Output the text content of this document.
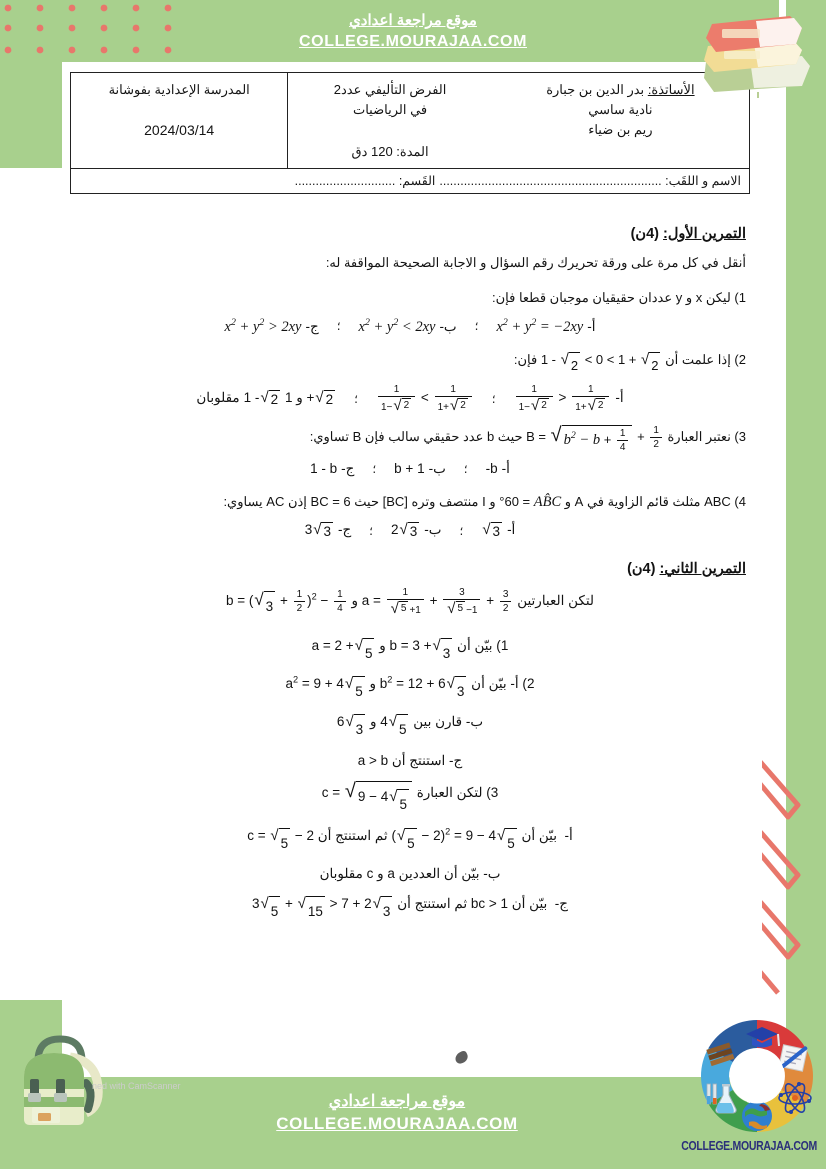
موقع مراجعة اعدادي
COLLEGE.MOURAJAA.COM
الأساتذة: بدر الدين بن جبارة
نادية ساسي
ريم بن ضياء
الفرض التأليفي عدد2
في الرياضيات
المدة: 120 دق
المدرسة الإعدادية بفوشانة
2024/03/14
الاسم و اللقَب: ................................................................
القَسم: .............................
التمرين الأول: (4ن)
أنقل في كل مرة على ورقة تحريرك رقم السؤال و الاجابة الصحيحة المواقفة له:
1) ليكن x و y عددان حقيقيان موجبان قطعا فإن:
أ-
$x^2 + y^2 = -2xy$
؛
ب-
$x^2 + y^2 < 2xy$
؛
ج-
$x^2 + y^2 > 2xy$
2) إذا علمت أن 1 - √ 2 < 0 < 1 + √ 2
فإن:
أ-
$\frac{1}{1- √ 2} > \frac{1}{1+ √ 2}$
؛
$\frac{1}{1- √ 2} < \frac{1}{1+ √ 2}$
؛
1 - √ 2 و 1 + √ 2
مقلوبان
3) نعتبر العبارة B = √ $b^2 - b + \frac{1}{4} + \frac{1}{2}$
حيث b عدد حقيقي سالب فإن B تساوي:
أ-
-b
؛
ب-
b + 1
؛
ج-
1 - b
4) ABC مثلث قائم الزاوية في A و AB̂C = 60° و I منتصف وتره [BC] حيث BC = 6 إذن AC يساوي:
أ-
√ 3
؛
ب-
2 √ 3
؛
ج-
3 √ 3
التمرين الثاني: (4ن)
لتكن العبارتين $a = \frac{1}{√ 5 +1} + \frac{3}{√ 5 -1} + \frac{3}{2}$
و b = ( √ $3 + \frac{1}{2} )^2 - \frac{1}{4}$
1) بيّن أن b = 3 + √ 3
و a = 2 + √ 5
2) أ- بيّن أن $b^2 = 12 + 6$ √ 3
و $a^2 = 9 + 4$ √ 5
ب- قارن بين 4 √ 5
و 6 √ 3
ج- استنتج أن a > b
3) لتكن العبارة c = √ 9 − 4 √ 5
أ-  بيّن أن ( √ 5
− 2)$^2$ = 9 − 4 √ 5
ثم استنتج أن c = √ 5
− 2
ب- بيّن أن العددين a و c مقلوبان
ج-  بيّن أن bc > 1 ثم استنتج أن 3 √ 5
+ √ 15
> 7 + 2 √ 3
ned with CamScanner
موقع مراجعة اعدادي
COLLEGE.MOURAJAA.COM
COLLEGE.MOURAJAA.COM
